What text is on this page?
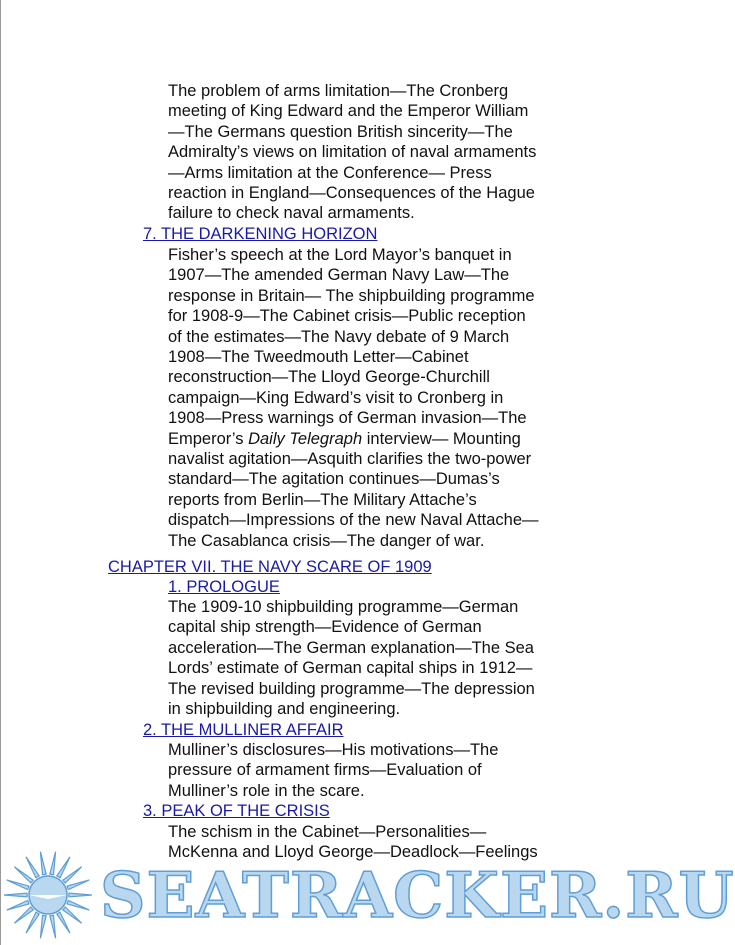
The problem of arms limitation—The Cronberg

meeting of King Edward and the Emperor William

—The Germans question British sincerity—The

Admiralty’s views on limitation of naval armaments

—Arms limitation at the Conference— Press

reaction in England—Consequences of the Hague

failure to check naval armaments.

7. THE DARKENING HORIZON

Fisher’s speech at the Lord Mayor’s banquet in

1907—The amended German Navy Law—The

response in Britain— The shipbuilding programme

for 1908-9—The Cabinet crisis—Public reception

of the estimates—The Navy debate of 9 March

1908—The Tweedmouth Letter—Cabinet

reconstruction—The Lloyd George-Churchill

campaign—King Edward’s visit to Cronberg in

1908—Press warnings of German invasion—The

Emperor’s Daily Telegraph interview— Mounting

navalist agitation—Asquith clarifies the two-power

standard—The agitation continues—Dumas’s

reports from Berlin—The Military Attache’s

dispatch—Impressions of the new Naval Attache—

The Casablanca crisis—The danger of war.

CHAPTER VII. THE NAVY SCARE OF 1909
1. PROLOGUE

The 1909-10 shipbuilding programme—German

capital ship strength—Evidence of German

acceleration—The German explanation—The Sea

Lords’ estimate of German capital ships in 1912—

The revised building programme—The depression

in shipbuilding and engineering.

2. THE MULLINER AFFAIR

Mulliner’s disclosures—His motivations—The

pressure of armament firms—Evaluation of

Mulliner’s role in the scare.

3. PEAK OF THE CRISIS

The schism in the Cabinet—Personalities—

McKenna and Lloyd George—Deadlock—Feelings

SEATRACKER.RU
